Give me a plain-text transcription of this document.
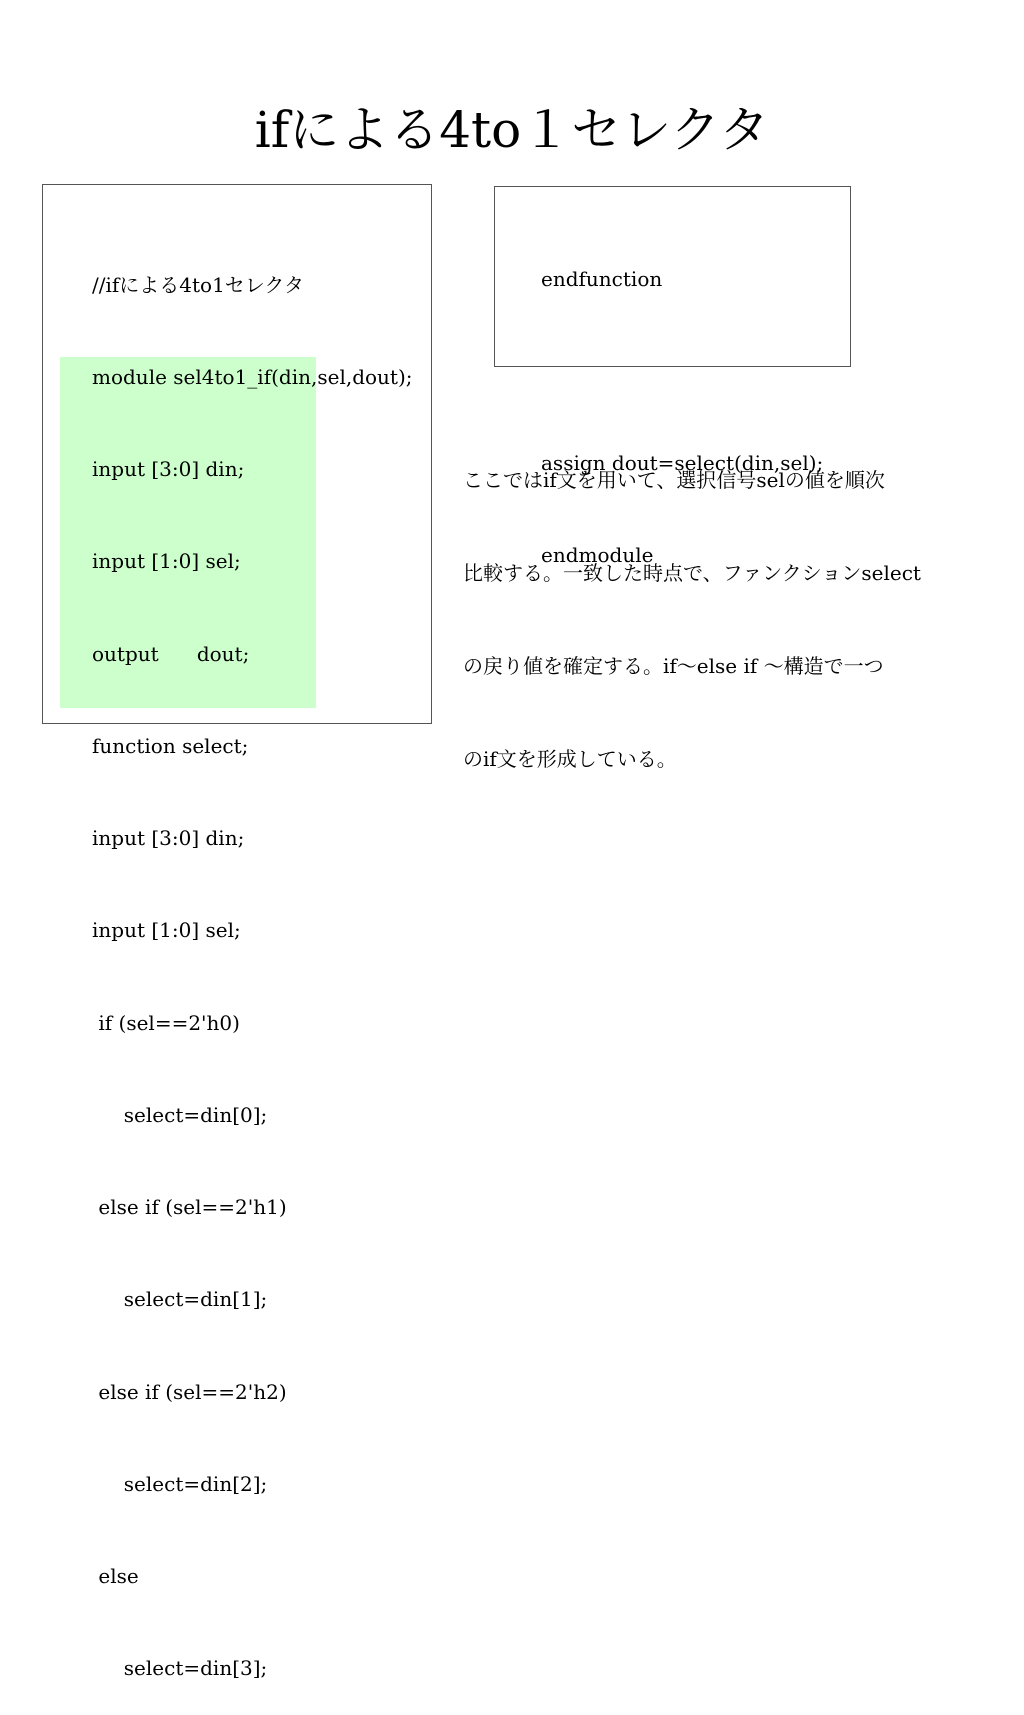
ifによる4to１セレクタ

//ifによる4to1セレクタ

module sel4to1_if(din,sel,dout);

input [3:0] din;

input [1:0] sel;

output      dout;

function select;

input [3:0] din;

input [1:0] sel;

if (sel==2'h0)

select=din[0];

else if (sel==2'h1)

select=din[1];

else if (sel==2'h2)

select=din[2];

else

select=din[3];

endfunction

assign dout=select(din,sel);

endmodule

ここではif文を用いて、選択信号selの値を順次

比較する。一致した時点で、ファンクションselect

の戻り値を確定する。if～else if ～構造で一つ

のif文を形成している。
